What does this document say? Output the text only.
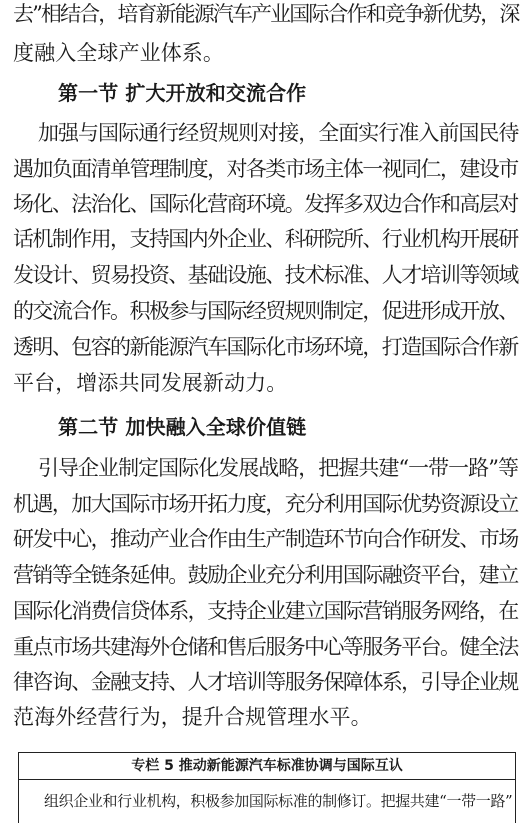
去”相结合，培育新能源汽车产业国际合作和竞争新优势，深
度融入全球产业体系。
第一节 扩大开放和交流合作
加强与国际通行经贸规则对接，全面实行准入前国民待
遇加负面清单管理制度，对各类市场主体一视同仁，建设市
场化、法治化、国际化营商环境。发挥多双边合作和高层对
话机制作用，支持国内外企业、科研院所、行业机构开展研
发设计、贸易投资、基础设施、技术标准、人才培训等领域
的交流合作。积极参与国际经贸规则制定，促进形成开放、
透明、包容的新能源汽车国际化市场环境，打造国际合作新
平台，增添共同发展新动力。
第二节 加快融入全球价值链
引导企业制定国际化发展战略，把握共建“一带一路”等
机遇，加大国际市场开拓力度，充分利用国际优势资源设立
研发中心，推动产业合作由生产制造环节向合作研发、市场
营销等全链条延伸。鼓励企业充分利用国际融资平台，建立
国际化消费信贷体系，支持企业建立国际营销服务网络，在
重点市场共建海外仓储和售后服务中心等服务平台。健全法
律咨询、金融支持、人才培训等服务保障体系，引导企业规
范海外经营行为，提升合规管理水平。
专栏 5 推动新能源汽车标准协调与国际互认
组织企业和行业机构，积极参加国际标准的制修订。把握共建“一带一路”
